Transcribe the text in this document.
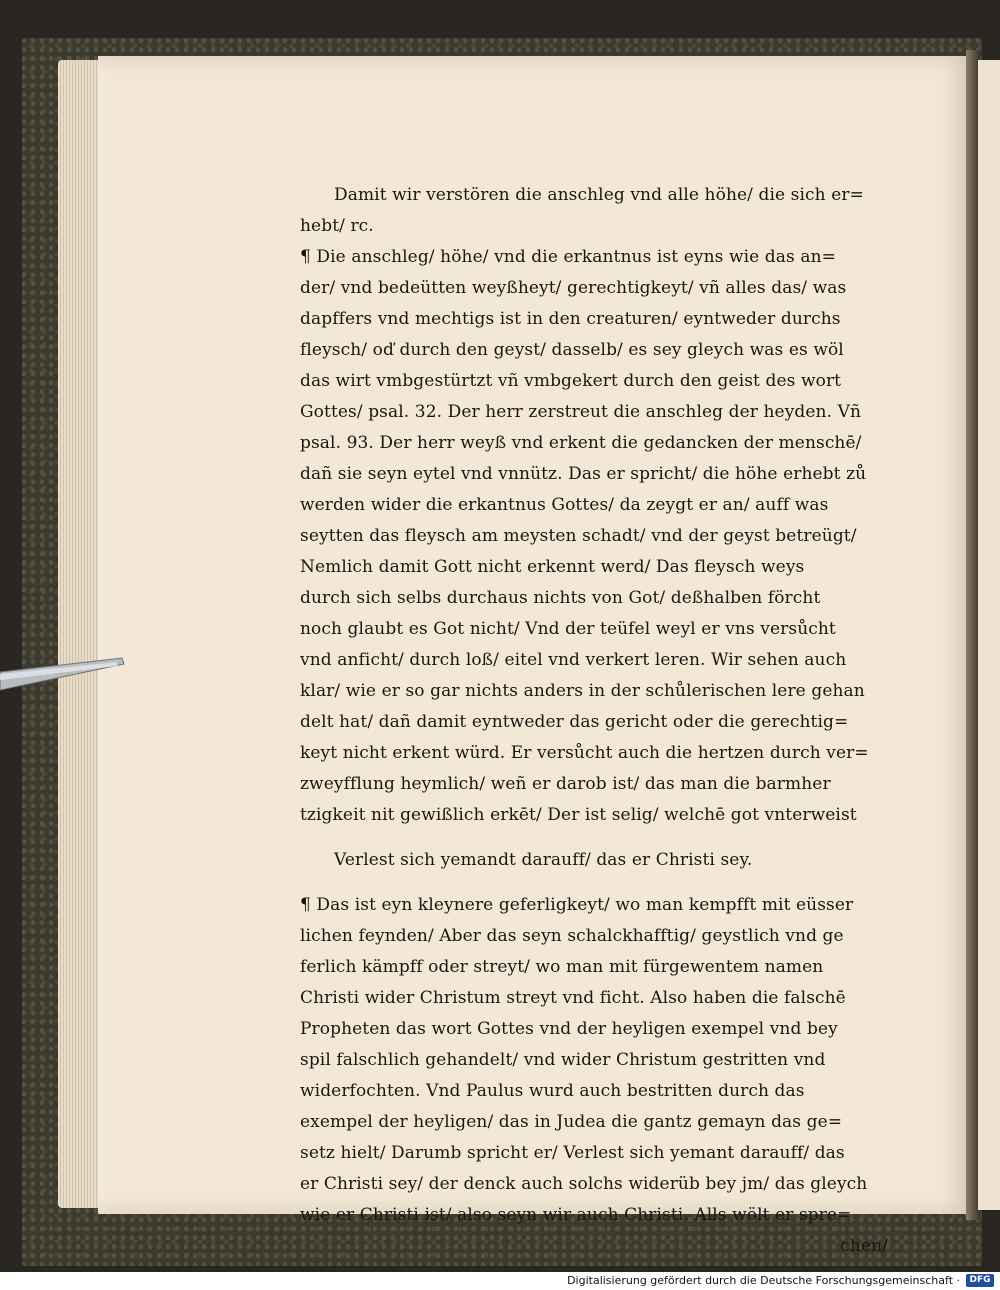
Damit wir verstören die anschleg vnd alle höhe/ die sich er=
hebt/ rc.
¶ Die anschleg/ höhe/ vnd die erkantnus ist eyns wie das an=
der/ vnd bedeütten weyßheyt/ gerechtigkeyt/ vñ alles das/ was
dapffers vnd mechtigs ist in den creaturen/ eyntweder durchs
fleysch/ oď durch den geyst/ dasselb/ es sey gleych was es wöl
das wirt vmbgestürtzt vñ vmbgekert durch den geist des wort
Gottes/ psal. 32. Der herr zerstreut die anschleg der heyden. Vñ
psal. 93. Der herr weyß vnd erkent die gedancken der menschē/
dañ sie seyn eytel vnd vnnütz. Das er spricht/ die höhe erhebt zů
werden wider die erkantnus Gottes/ da zeygt er an/ auff was
seytten das fleysch am meysten schadt/ vnd der geyst betreügt/
Nemlich damit Gott nicht erkennt werd/ Das fleysch weys
durch sich selbs durchaus nichts von Got/ deßhalben förcht
noch glaubt es Got nicht/ Vnd der teüfel weyl er vns versůcht
vnd anficht/ durch loß/ eitel vnd verkert leren. Wir sehen auch
klar/ wie er so gar nichts anders in der schůlerischen lere gehan
delt hat/ dañ damit eyntweder das gericht oder die gerechtig=
keyt nicht erkent würd. Er versůcht auch die hertzen durch ver=
zweyfflung heymlich/ weñ er darob ist/ das man die barmher
tzigkeit nit gewißlich erkēt/ Der ist selig/ welchē got vnterweist
Verlest sich yemandt darauff/ das er Christi sey.
¶ Das ist eyn kleynere geferligkeyt/ wo man kempfft mit eüsser
lichen feynden/ Aber das seyn schalckhafftig/ geystlich vnd ge
ferlich kämpff oder streyt/ wo man mit fürgewentem namen
Christi wider Christum streyt vnd ficht. Also haben die falschē
Propheten das wort Gottes vnd der heyligen exempel vnd bey
spil falschlich gehandelt/ vnd wider Christum gestritten vnd
widerfochten. Vnd Paulus wurd auch bestritten durch das
exempel der heyligen/ das in Judea die gantz gemayn das ge=
setz hielt/ Darumb spricht er/ Verlest sich yemant darauff/ das
er Christi sey/ der denck auch solchs widerüb bey jm/ das gleych
wie er Christi ist/ also seyn wir auch Christi. Alls wölt er spre=
chen/
Digitalisierung gefördert durch die Deutsche Forschungsgemeinschaft ·	DFG
